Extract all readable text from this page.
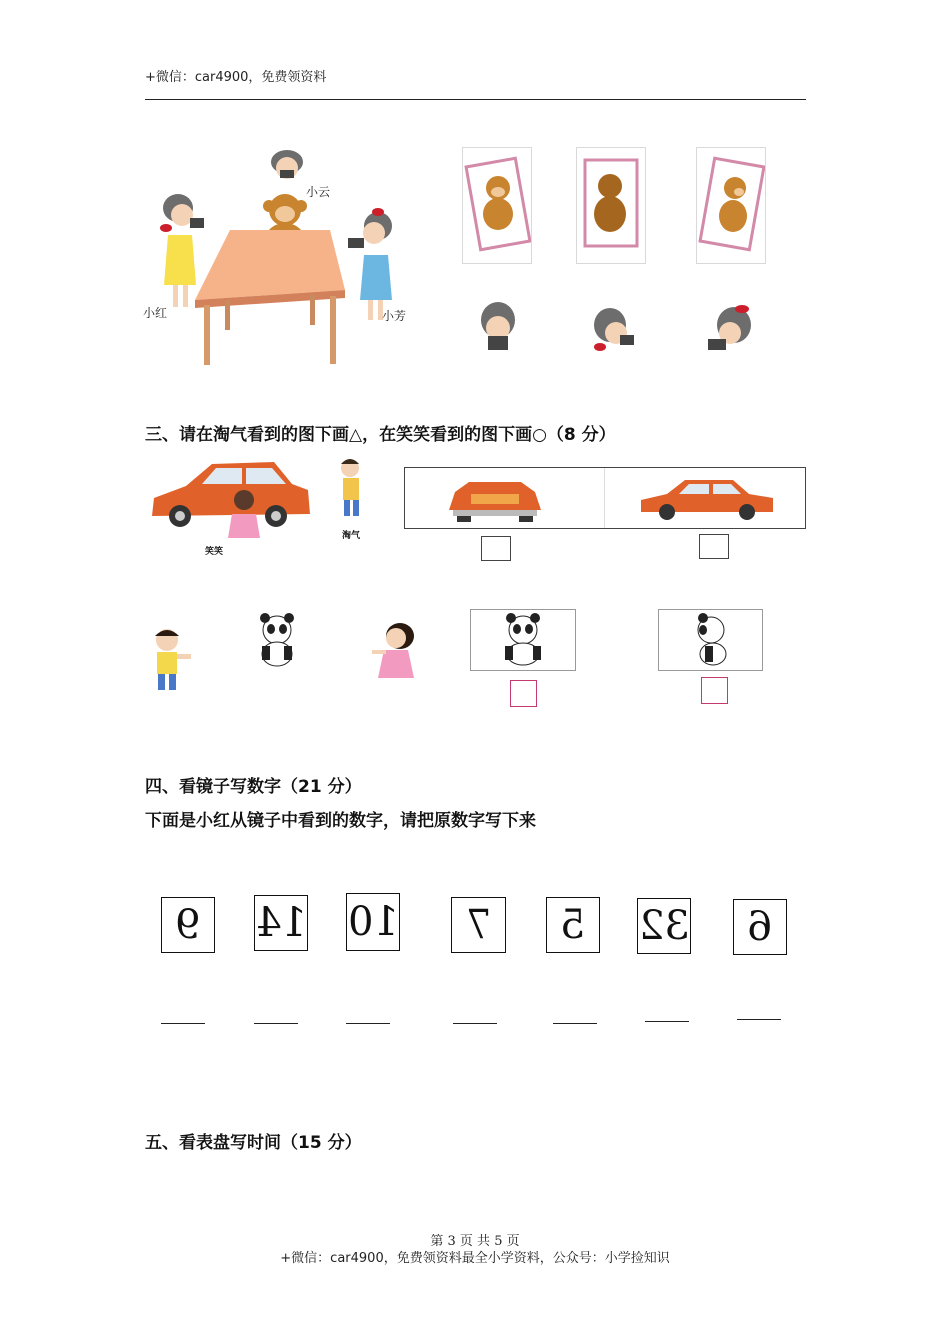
+微信：car4900，免费领资料
小云
小红	小芳
三、请在淘气看到的图下画△，在笑笑看到的图下画○（8 分）
笑笑
淘气
四、看镜子写数字（21 分）
下面是小红从镜子中看到的数字，请把原数字写下来
9 14 10 7 5 32 6
五、看表盘写时间（15 分）
第 3 页 共 5 页
+微信：car4900，免费领资料最全小学资料，公众号：小学捡知识
